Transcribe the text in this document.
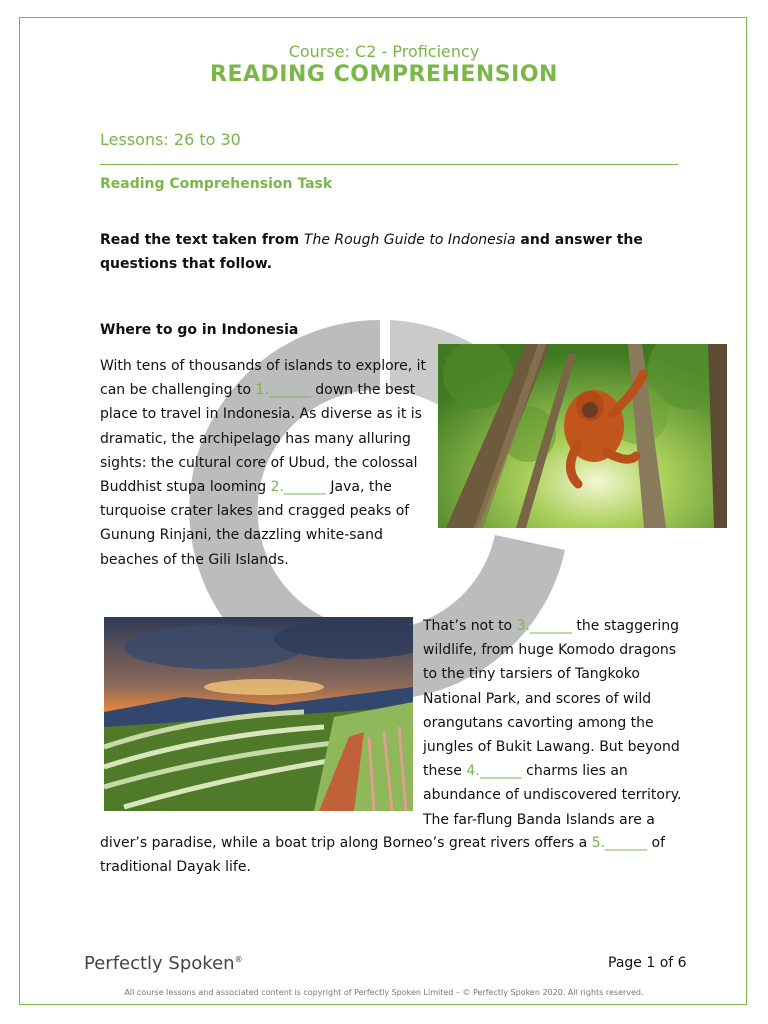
Course: C2 - Proficiency
READING COMPREHENSION
Lessons: 26 to 30
Reading Comprehension Task
Read the text taken from The Rough Guide to Indonesia and answer the questions that follow.
Where to go in Indonesia
With tens of thousands of islands to explore, it can be challenging to 1.______ down the best place to travel in Indonesia. As diverse as it is dramatic, the archipelago has many alluring sights: the cultural core of Ubud, the colossal Buddhist stupa looming 2.______ Java, the turquoise crater lakes and cragged peaks of Gunung Rinjani, the dazzling white-sand beaches of the Gili Islands.
That’s not to 3.______ the staggering wildlife, from huge Komodo dragons to the tiny tarsiers of Tangkoko National Park, and scores of wild orangutans cavorting among the jungles of Bukit Lawang. But beyond these 4.______ charms lies an abundance of undiscovered territory. The far-flung Banda Islands are a
diver’s paradise, while a boat trip along Borneo’s great rivers offers a 5.______ of traditional Dayak life.
Perfectly Spoken®	Page 1 of 6
All course lessons and associated content is copyright of Perfectly Spoken Limited – © Perfectly Spoken 2020. All rights reserved.
